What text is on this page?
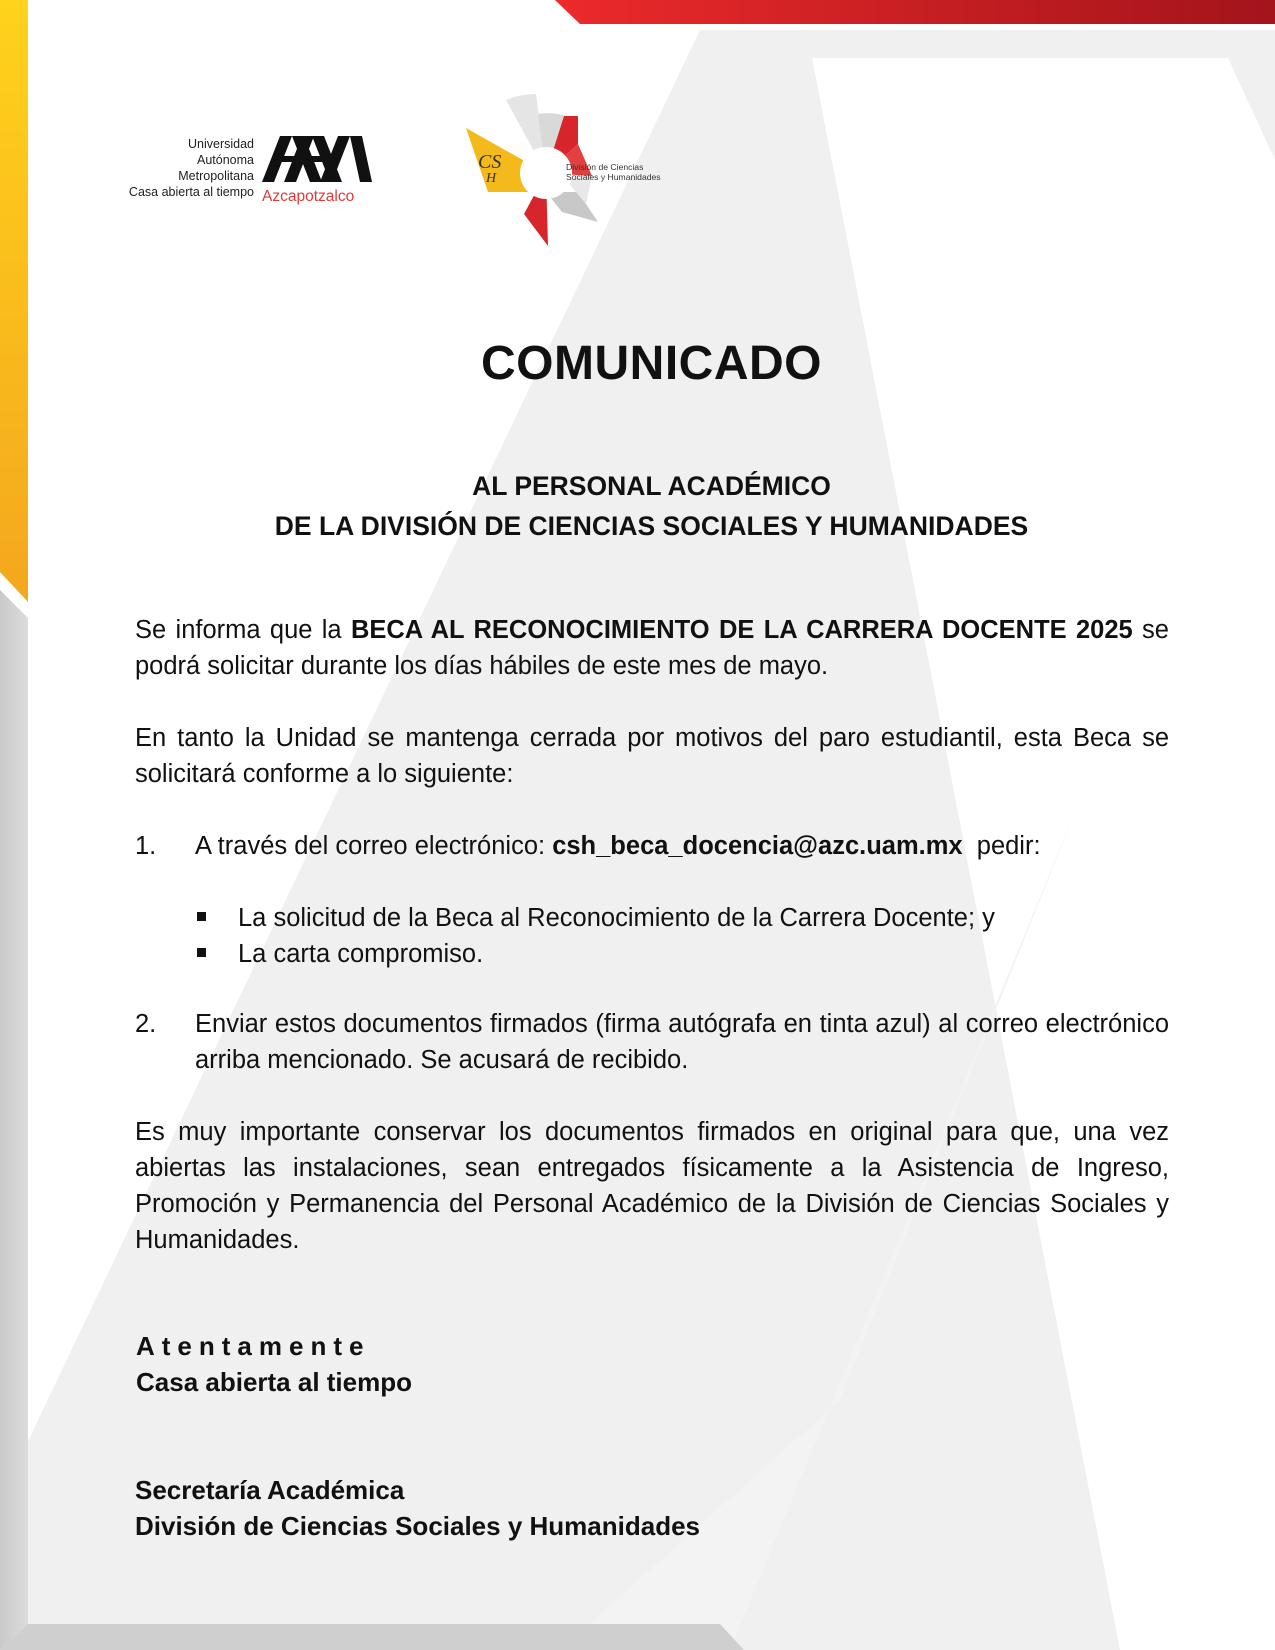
Universidad
Autónoma
Metropolitana
Casa abierta al tiempo Azcapotzalco
CS
H
División de Ciencias
Sociales y Humanidades
COMUNICADO
AL PERSONAL ACADÉMICO
DE LA DIVISIÓN DE CIENCIAS SOCIALES Y HUMANIDADES
Se informa que la BECA AL RECONOCIMIENTO DE LA CARRERA DOCENTE 2025 se podrá solicitar durante los días hábiles de este mes de mayo.
En tanto la Unidad se mantenga cerrada por motivos del paro estudiantil, esta Beca se solicitará conforme a lo siguiente:
1. A través del correo electrónico: csh_beca_docencia@azc.uam.mx  pedir:
La solicitud de la Beca al Reconocimiento de la Carrera Docente; y
La carta compromiso.
2. Enviar estos documentos firmados (firma autógrafa en tinta azul) al correo electrónico arriba mencionado. Se acusará de recibido.
Es muy importante conservar los documentos firmados en original para que, una vez abiertas las instalaciones, sean entregados físicamente a la Asistencia de Ingreso, Promoción y Permanencia del Personal Académico de la División de Ciencias Sociales y Humanidades.
Atentamente
Casa abierta al tiempo
Secretaría Académica
División de Ciencias Sociales y Humanidades
